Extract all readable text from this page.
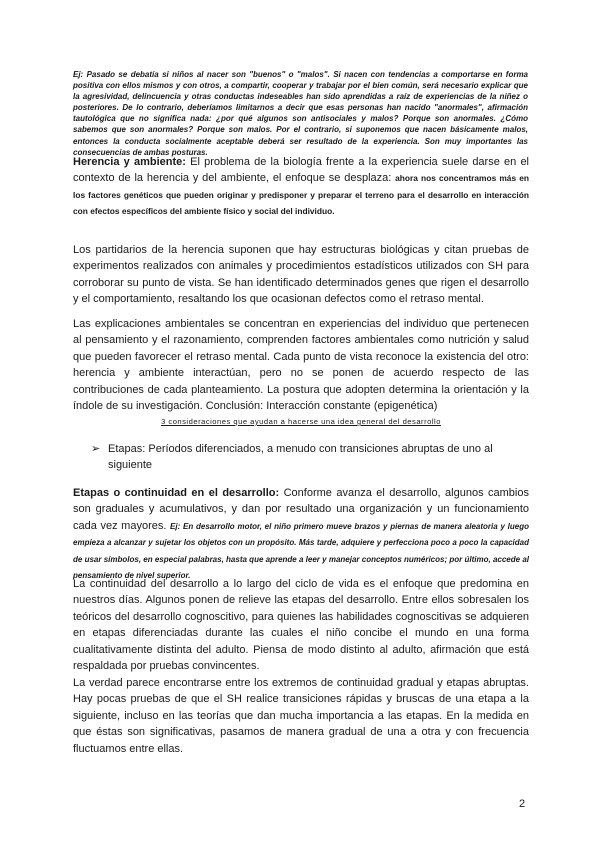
Ej: Pasado se debatía si niños al nacer son "buenos" o "malos". Si nacen con tendencias a comportarse en forma positiva con ellos mismos y con otros, a compartir, cooperar y trabajar por el bien común, será necesario explicar que la agresividad, delincuencia y otras conductas indeseables han sido aprendidas a raíz de experiencias de la niñez o posteriores. De lo contrario, deberíamos limitarnos a decir que esas personas han nacido "anormales", afirmación tautológica que no significa nada: ¿por qué algunos son antisociales y malos? Porque son anormales. ¿Cómo sabemos que son anormales? Porque son malos. Por el contrario, si suponemos que nacen básicamente malos, entonces la conducta socialmente aceptable deberá ser resultado de la experiencia. Son muy importantes las consecuencias de ambas posturas.
Herencia y ambiente: El problema de la biología frente a la experiencia suele darse en el contexto de la herencia y del ambiente, el enfoque se desplaza: ahora nos concentramos más en los factores genéticos que pueden originar y predisponer y preparar el terreno para el desarrollo en interacción con efectos específicos del ambiente físico y social del individuo.
Los partidarios de la herencia suponen que hay estructuras biológicas y citan pruebas de experimentos realizados con animales y procedimientos estadísticos utilizados con SH para corroborar su punto de vista. Se han identificado determinados genes que rigen el desarrollo y el comportamiento, resaltando los que ocasionan defectos como el retraso mental.
Las explicaciones ambientales se concentran en experiencias del individuo que pertenecen al pensamiento y el razonamiento, comprenden factores ambientales como nutrición y salud que pueden favorecer el retraso mental. Cada punto de vista reconoce la existencia del otro: herencia y ambiente interactúan, pero no se ponen de acuerdo respecto de las contribuciones de cada planteamiento. La postura que adopten determina la orientación y la índole de su investigación. Conclusión: Interacción constante (epigenética)
3 consideraciones que ayudan a hacerse una idea general del desarrollo
➢ Etapas: Períodos diferenciados, a menudo con transiciones abruptas de uno al siguiente
Etapas o continuidad en el desarrollo: Conforme avanza el desarrollo, algunos cambios son graduales y acumulativos, y dan por resultado una organización y un funcionamiento cada vez mayores. Ej: En desarrollo motor, el niño primero mueve brazos y piernas de manera aleatoria y luego empieza a alcanzar y sujetar los objetos con un propósito. Más tarde, adquiere y perfecciona poco a poco la capacidad de usar símbolos, en especial palabras, hasta que aprende a leer y manejar conceptos numéricos; por último, accede al pensamiento de nivel superior.
La continuidad del desarrollo a lo largo del ciclo de vida es el enfoque que predomina en nuestros días. Algunos ponen de relieve las etapas del desarrollo. Entre ellos sobresalen los teóricos del desarrollo cognoscitivo, para quienes las habilidades cognoscitivas se adquieren en etapas diferenciadas durante las cuales el niño concibe el mundo en una forma cualitativamente distinta del adulto. Piensa de modo distinto al adulto, afirmación que está respaldada por pruebas convincentes.
La verdad parece encontrarse entre los extremos de continuidad gradual y etapas abruptas. Hay pocas pruebas de que el SH realice transiciones rápidas y bruscas de una etapa a la siguiente, incluso en las teorías que dan mucha importancia a las etapas. En la medida en que éstas son significativas, pasamos de manera gradual de una a otra y con frecuencia fluctuamos entre ellas.
2
